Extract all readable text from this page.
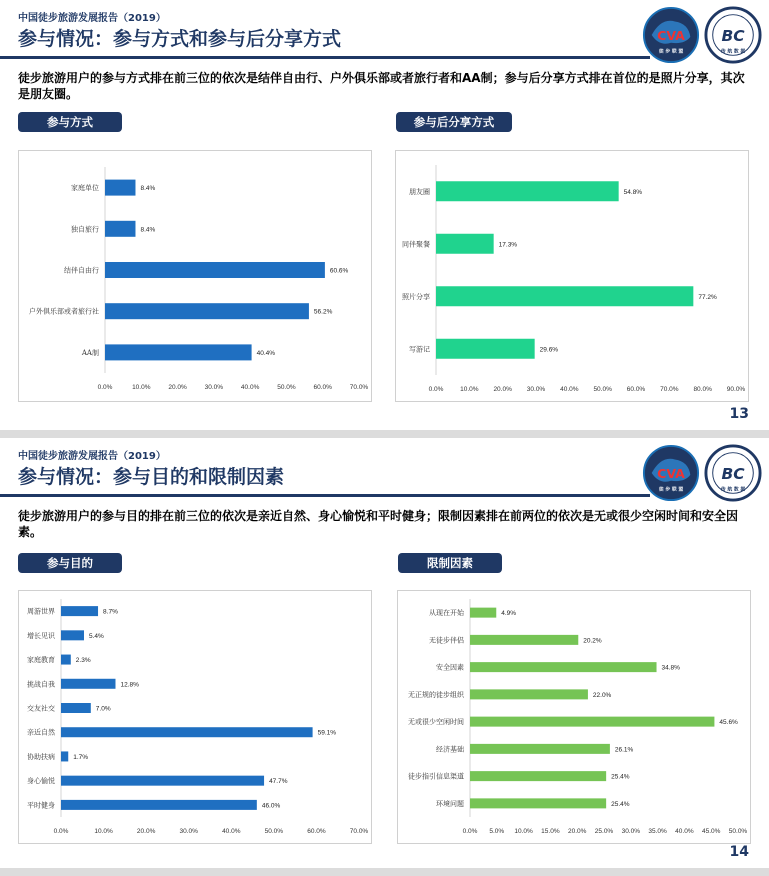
中国徒步旅游发展报告（2019）
参与情况：参与方式和参与后分享方式	CVA
徒 步 联 盟
BC
传 航 数 据
徒步旅游用户的参与方式排在前三位的依次是结伴自由行、户外俱乐部或者旅行者和AA制；参与后分享方式排在首位的是照片分享，其次是朋友圈。
参与方式	参与后分享方式
0.0%	10.0%	20.0%	30.0%	40.0%	50.0%	60.0%	70.0%
家庭单位	8.4%
独自旅行	8.4%
结伴自由行	60.6%
户外俱乐部或者旅行社	56.2%
AA制	40.4%
0.0%	10.0% 20.0% 30.0% 40.0% 50.0% 60.0% 70.0% 80.0% 90.0%
朋友圈	54.8%
同伴聚餐	17.3%
照片分享	77.2%
写游记	29.6%
13
中国徒步旅游发展报告（2019）
参与情况：参与目的和限制因素	CVA
徒 步 联 盟
BC
传 航 数 据
徒步旅游用户的参与目的排在前三位的依次是亲近自然、身心愉悦和平时健身；限制因素排在前两位的依次是无或很少空闲时间和安全因素。
参与目的	限制因素
0.0%	10.0%	20.0%	30.0%	40.0%	50.0%	60.0%	70.0%
周游世界	8.7%
增长见识	5.4%
家庭教育	2.3%
挑战自我	12.8%
交友社交	7.0%
亲近自然	59.1%
协助扶病	1.7%
身心愉悦	47.7%
平时健身	46.0%
0.0% 5.0% 10.0% 15.0% 20.0% 25.0% 30.0% 35.0% 40.0% 45.0% 50.0%
从现在开始	4.9%
无徒步伴侣	20.2%
安全因素	34.8%
无正规的徒步组织	22.0%
无或很少空闲时间	45.6%
经济基础	26.1%
徒步指引信息渠道	25.4%
环境问题	25.4%
14
